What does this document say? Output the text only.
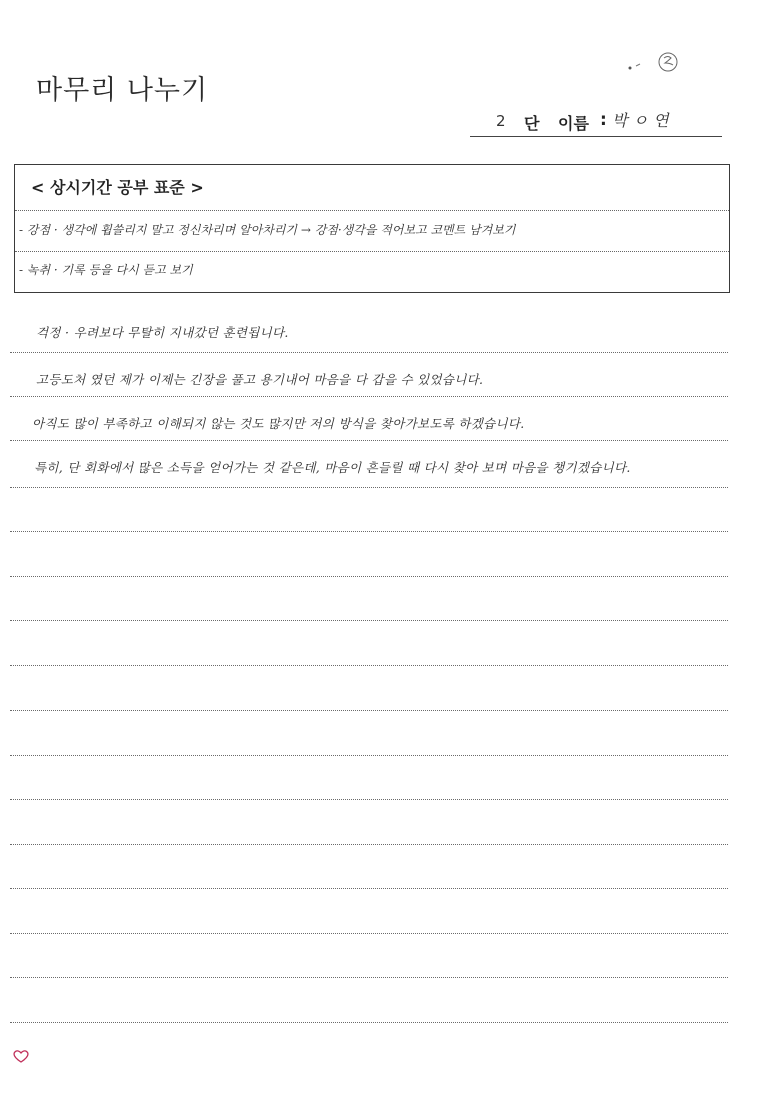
마무리 나누기
2 단 이름 : 박 ㅇ 연
< 상시기간 공부 표준 >
- 강점 · 생각에 휩쓸리지 말고 정신차리며 알아차리기 → 강점·생각을 적어보고 코멘트 남겨보기
- 녹취 · 기록 등을 다시 듣고 보기
걱정 · 우려보다 무탈히 지내갔던 훈련됩니다.
고등도처 였던 제가 이제는 긴장을 풀고 용기내어 마음을 다 갑을 수 있었습니다.
아직도 많이 부족하고 이해되지 않는 것도 많지만 저의 방식을 찾아가보도록 하겠습니다.
특히, 단 회화에서 많은 소득을 얻어가는 것 같은데, 마음이 흔들릴 때 다시 찾아 보며 마음을 챙기겠습니다.
